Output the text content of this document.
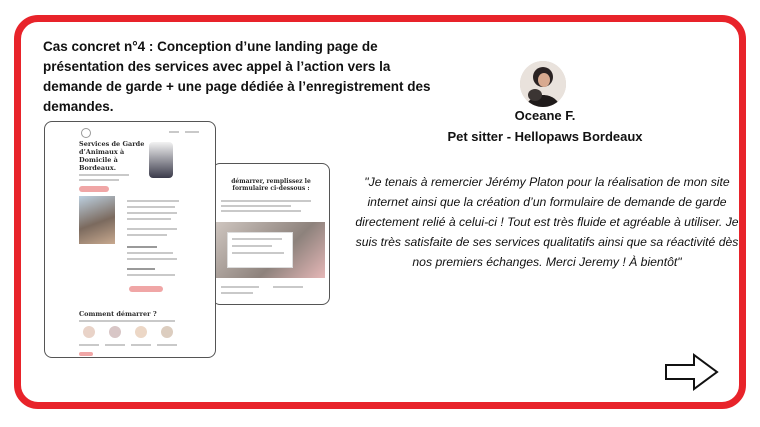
Cas concret n°4 : Conception d’une landing page de présentation des services avec appel à l’action vers la demande de garde + une page dédiée à l’enregistrement des demandes.
démarrer, remplissez le formulaire ci-dessous :
Services de Garde d’Animaux à Domicile à Bordeaux.
Comment démarrer ?
Oceane F.
Pet sitter - Hellopaws Bordeaux
"Je tenais à remercier Jérémy Platon pour la réalisation de mon site internet ainsi que la création d’un formulaire de demande de garde directement relié à celui-ci ! Tout est très fluide et agréable à utiliser. Je suis très satisfaite de ses services qualitatifs ainsi que sa réactivité dès nos premiers échanges. Merci Jeremy ! À bientôt"
